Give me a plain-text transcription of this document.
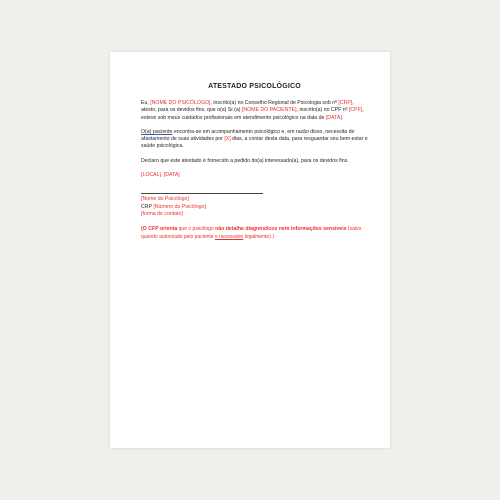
ATESTADO PSICOLÓGICO

Eu, [NOME DO PSICÓLOGO], inscrito(a) no Conselho Regional de Psicologia sob nº [CRP], atesto, para os devidos fins, que o(a) Sr.(a) [NOME DO PACIENTE], inscrito(a) no CPF nº [CPF], esteve sob meus cuidados profissionais em atendimento psicológico na data de [DATA].

O(a) paciente encontra-se em acompanhamento psicológico e, em razão disso, necessita de afastamento de suas atividades por [X] dias, a contar desta data, para resguardar seu bem-estar e saúde psicológica.

Declaro que este atestado é fornecido a pedido do(a) interessado(a), para os devidos fins.

[LOCAL], [DATA]

[Nome do Psicólogo]

CRP [Número do Psicólogo]

[forma de contato]

(O CFP orienta que o psicólogo não detalhe diagnósticos nem informações sensíveis (salvo quando autorizado pelo paciente e necessário legalmente).)
